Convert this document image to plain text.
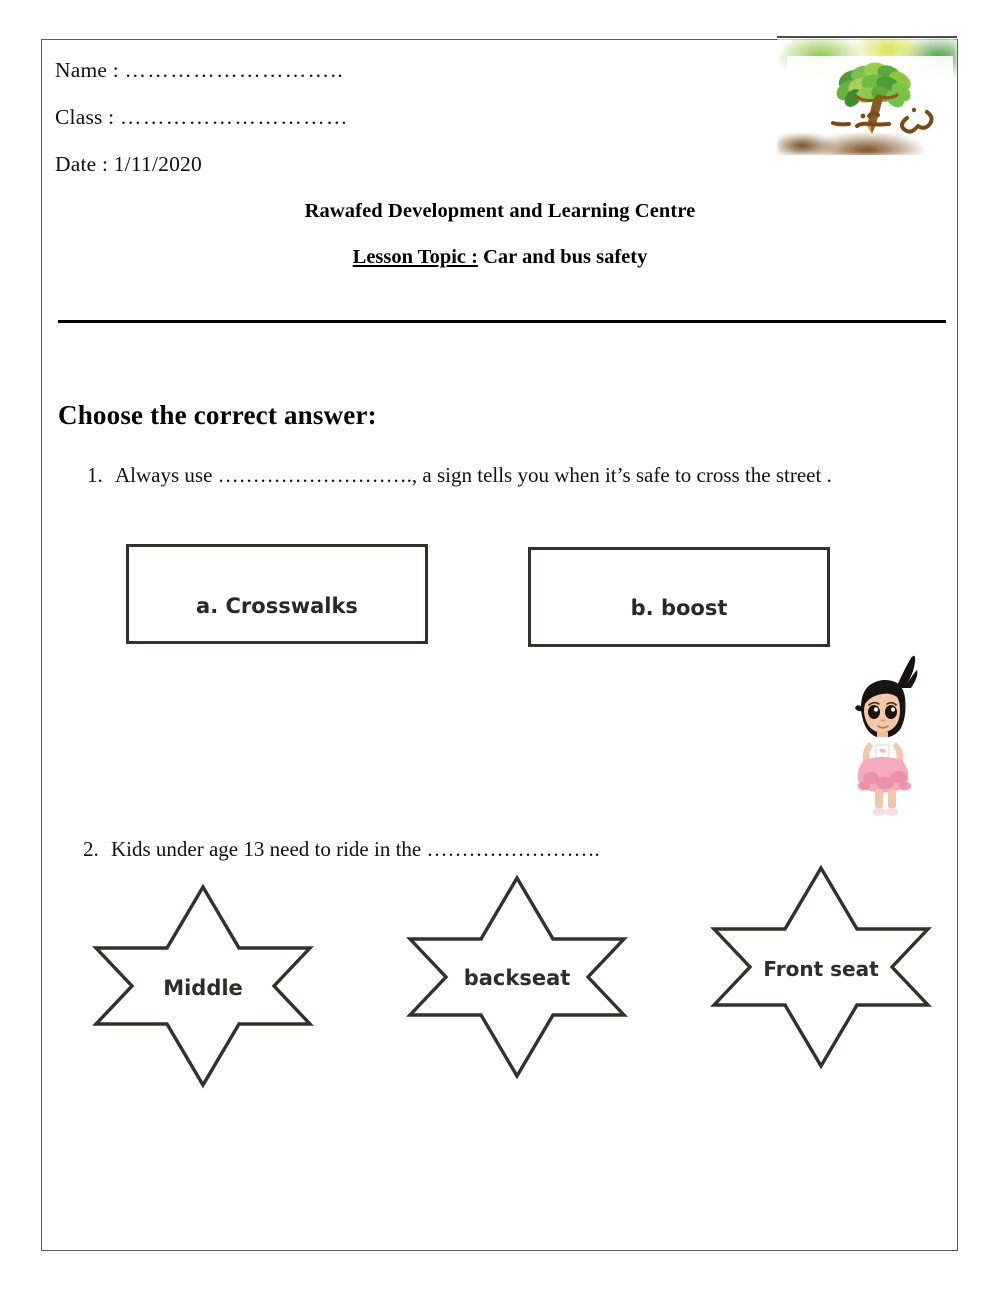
Name : ………………………..
Class : …………………………
Date : 1/11/2020
Rawafed Development and Learning Centre
Lesson Topic : Car and bus safety
Choose the correct answer:
1. Always use ………………………., a sign tells you when it’s safe to cross the street .
a. Crosswalks	b. boost
2. Kids under age 13 need to ride in the …………………….
Middle	backseat	Front seat
